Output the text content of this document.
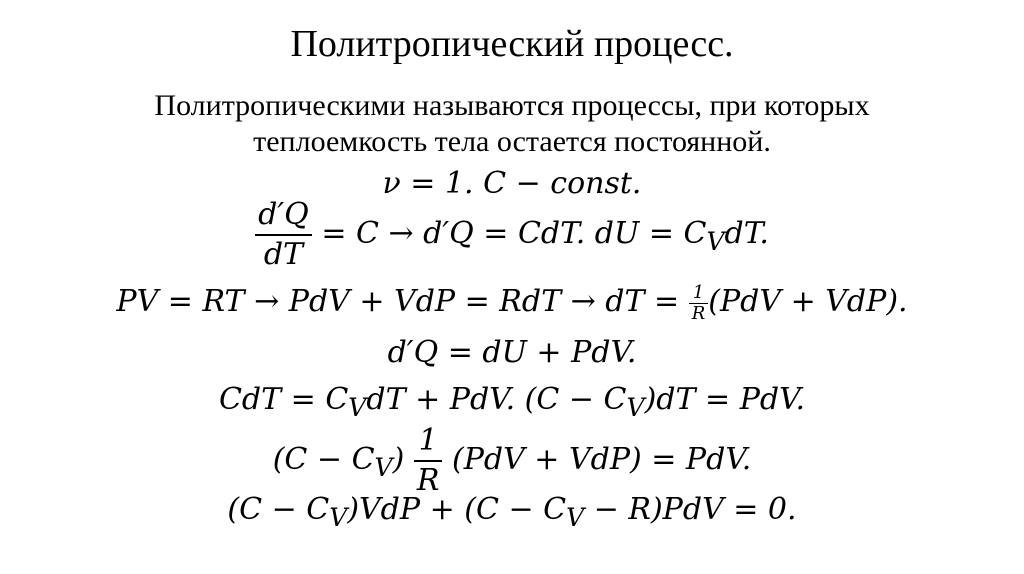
Политропический процесс.
Политропическими называются процессы, при которых
теплоемкость тела остается постоянной.
ν = 1. C − const.
$\frac{d'Q}{dT} = C \to d'Q$ = CdT. dU = $C_VdT$.
PV = RT → PdV + VdP = RdT → dT = $\frac{1}{R} (PdV + VdP)$.
d′Q = dU + PdV.
CdT = $C_VdT$ + PdV. $(C - C_V)dT$ = PdV.
$(C - C_V) \frac{1}{R} (PdV + VdP)$ = PdV.
$(C - C_V)VdP + (C - C_V - R)PdV = 0$.
